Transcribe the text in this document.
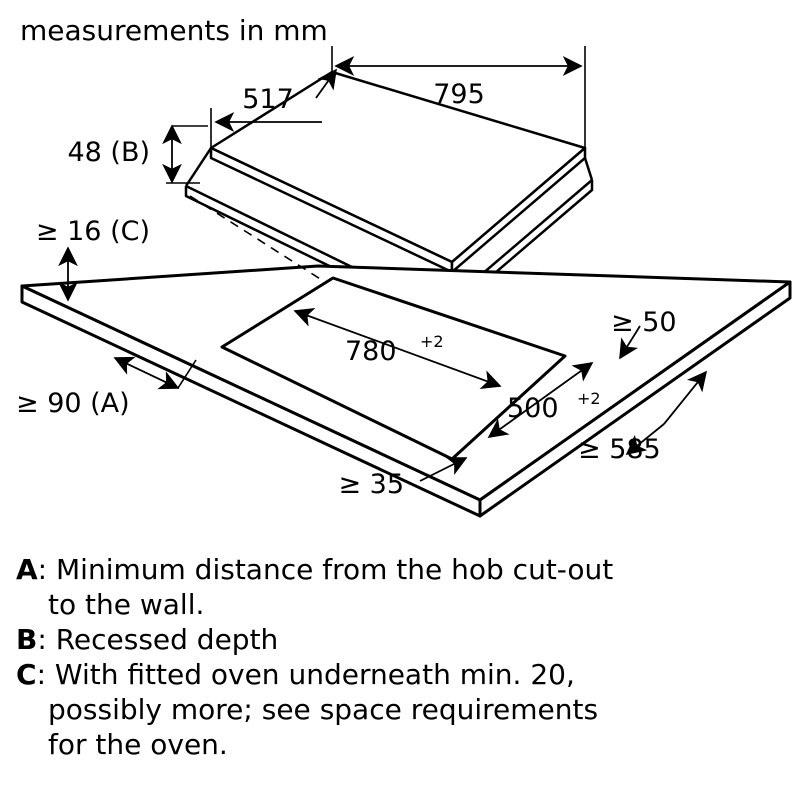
measurements in mm
795
517
48 (B)
≥ 16 (C)
≥ 90 (A)
780 +2
500 +2
≥ 35
≥ 50
≥ 585
A: Minimum distance from the hob cut-out
to the wall.
B: Recessed depth
C: With fitted oven underneath min. 20,
possibly more; see space requirements
for the oven.
